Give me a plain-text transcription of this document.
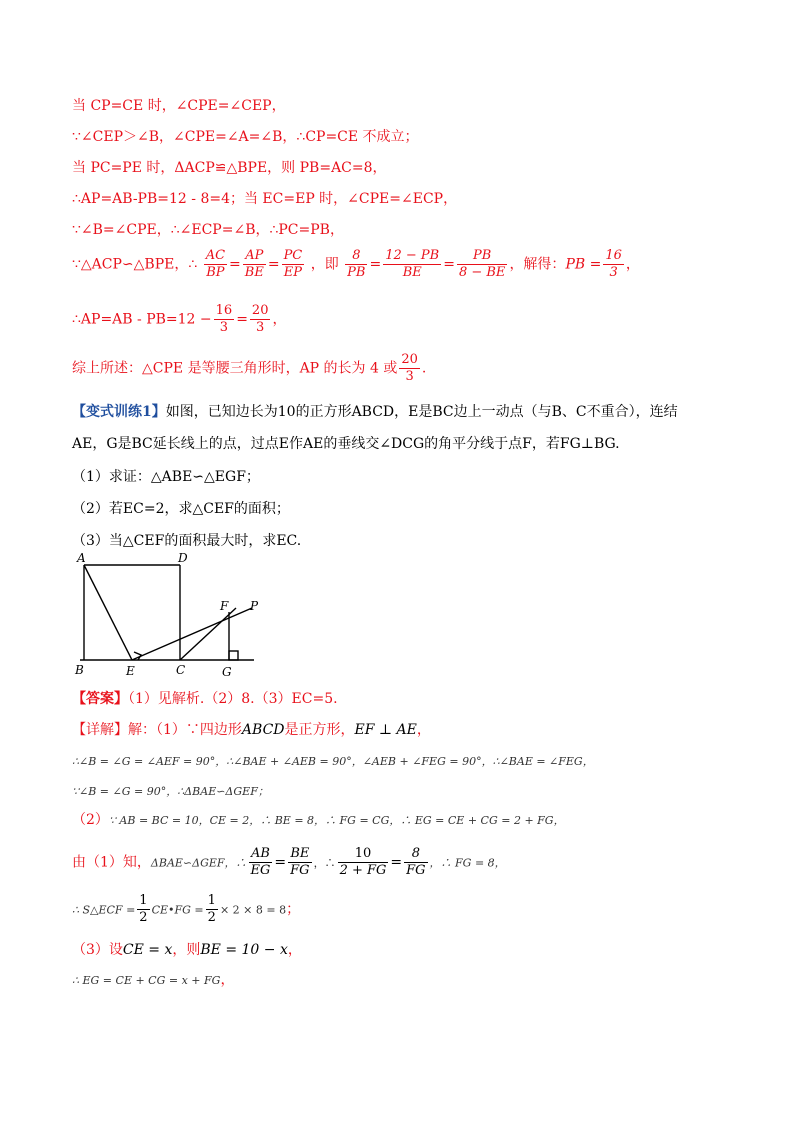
当 CP=CE 时，∠CPE=∠CEP，
∵∠CEP＞∠B，∠CPE=∠A=∠B，∴CP=CE 不成立；
当 PC=PE 时，ΔACP≌△BPE，则 PB=AC=8，
∴AP=AB-PB=12 - 8=4；当 EC=EP 时，∠CPE=∠ECP，
∵∠B=∠CPE，∴∠ECP=∠B，∴PC=PB，
∵△ACP∽△BPE，∴ $\frac{AC}{BP} = \frac{AP}{BE} = \frac{PC}{EP}$ ，即 $\frac{8}{PB} = \frac{12 - PB}{BE} = \frac{PB}{8 - BE}$ ，解得：PB = $\frac{16}{3}$ ，
∴AP=AB - $PB=12 - \frac{16}{3} = \frac{20}{3}$ ，
综上所述：△CPE 是等腰三角形时，AP 的长为 4 或 $\frac{20}{3}$ .
【变式训练1】如图，已知边长为10的正方形ABCD，E是BC边上一动点（与B、C不重合），连结
AE，G是BC延长线上的点，过点E作AE的垂线交∠DCG的角平分线于点F，若FG⊥BG.
（1）求证：△ABE∽△EGF；
（2）若EC=2，求△CEF的面积；
（3）当△CEF的面积最大时，求EC.
A	D
B	E	C	G
F P
【答案】（1）见解析.（2）8.（3）EC=5.
【详解】解：（1）∵四边形ABCD是正方形，EF ⊥ AE，
∴∠B = ∠G = ∠AEF = 90°，∴∠BAE + ∠AEB = 90°，∠AEB + ∠FEG = 90°，∴∠BAE = ∠FEG，
∵∠B = ∠G = 90°，∴ΔBAE∽ΔGEF；
（2）∵ AB = BC = 10，CE = 2，∴ BE = 8，∴ FG = CG，∴ EG = CE + CG = 2 + FG，
由（1）知，ΔBAE∽ΔGEF，∴ $\frac{AB}{EG} = \frac{BE}{FG}$ ，∴ $\frac{10}{2 + FG} = \frac{8}{FG}$ ，∴ FG = 8，
∴ S△ECF = $\frac{1}{2}$ CE•FG = $\frac{1}{2} \times 2 \times 8 = 8$；
（3）设CE = x，则BE = 10 − x，
∴ EG = CE + CG = x + FG，
